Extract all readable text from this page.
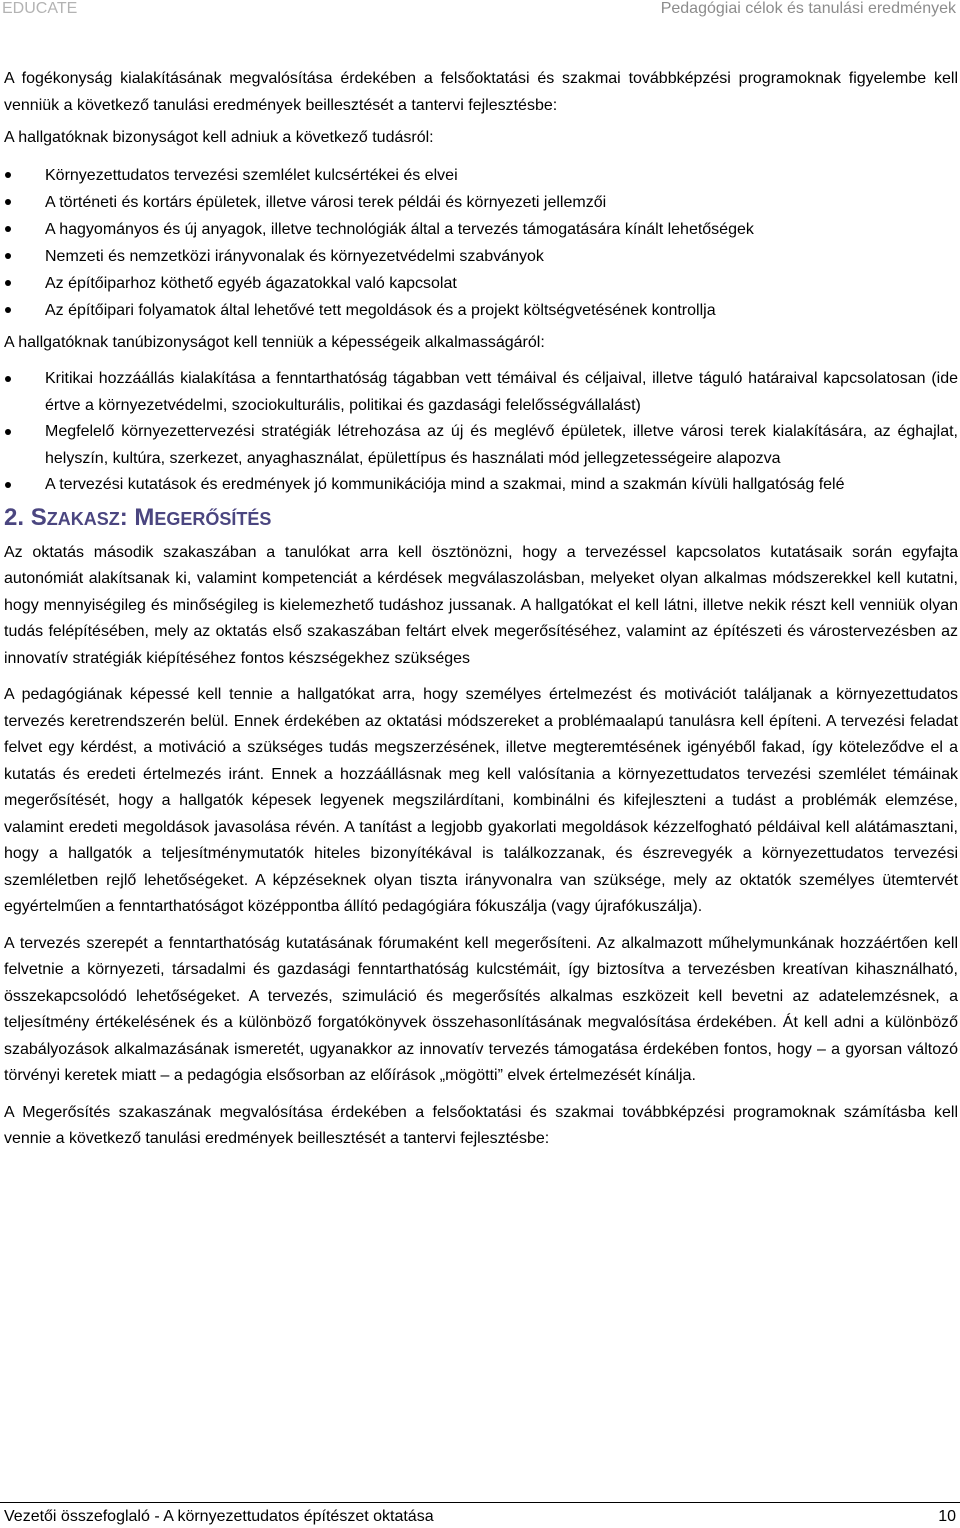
EDUCATE	Pedagógiai célok és tanulási eredmények

A fogékonyság kialakításának megvalósítása érdekében a felsőoktatási és szakmai továbbképzési programoknak figyelembe kell venniük a következő tanulási eredmények beillesztését a tantervi fejlesztésbe:

A hallgatóknak bizonyságot kell adniuk a következő tudásról:

Környezettudatos tervezési szemlélet kulcsértékei és elvei
A történeti és kortárs épületek, illetve városi terek példái és környezeti jellemzői
A hagyományos és új anyagok, illetve technológiák által a tervezés támogatására kínált lehetőségek
Nemzeti és nemzetközi irányvonalak és környezetvédelmi szabványok
Az építőiparhoz köthető egyéb ágazatokkal való kapcsolat
Az építőipari folyamatok által lehetővé tett megoldások és a projekt költségvetésének kontrollja

A hallgatóknak tanúbizonyságot kell tenniük a képességeik alkalmasságáról:

Kritikai hozzáállás kialakítása a fenntarthatóság tágabban vett témáival és céljaival, illetve táguló határaival kapcsolatosan (ide értve a környezetvédelmi, szociokulturális, politikai és gazdasági felelősségvállalást)
Megfelelő környezettervezési stratégiák létrehozása az új és meglévő épületek, illetve városi terek kialakítására, az éghajlat, helyszín, kultúra, szerkezet, anyaghasználat, épülettípus és használati mód jellegzetességeire alapozva
A tervezési kutatások és eredmények jó kommunikációja mind a szakmai, mind a szakmán kívüli hallgatóság felé
2. SZAKASZ: MEGERŐSÍTÉS

Az oktatás második szakaszában a tanulókat arra kell ösztönözni, hogy a tervezéssel kapcsolatos kutatásaik során egyfajta autonómiát alakítsanak ki, valamint kompetenciát a kérdések megválaszolásban, melyeket olyan alkalmas módszerekkel kell kutatni, hogy mennyiségileg és minőségileg is kielemezhető tudáshoz jussanak. A hallgatókat el kell látni, illetve nekik részt kell venniük olyan tudás felépítésében, mely az oktatás első szakaszában feltárt elvek megerősítéséhez, valamint az építészeti és várostervezésben az innovatív stratégiák kiépítéséhez fontos készségekhez szükséges

A pedagógiának képessé kell tennie a hallgatókat arra, hogy személyes értelmezést és motivációt találjanak a környezettudatos tervezés keretrendszerén belül. Ennek érdekében az oktatási módszereket a problémaalapú tanulásra kell építeni. A tervezési feladat felvet egy kérdést, a motiváció a szükséges tudás megszerzésének, illetve megteremtésének igényéből fakad, így köteleződve el a kutatás és eredeti értelmezés iránt. Ennek a hozzáállásnak meg kell valósítania a környezettudatos tervezési szemlélet témáinak megerősítését, hogy a hallgatók képesek legyenek megszilárdítani, kombinálni és kifejleszteni a tudást a problémák elemzése, valamint eredeti megoldások javasolása révén. A tanítást a legjobb gyakorlati megoldások kézzelfogható példáival kell alátámasztani, hogy a hallgatók a teljesítménymutatók hiteles bizonyítékával is találkozzanak, és észrevegyék a környezettudatos tervezési szemléletben rejlő lehetőségeket. A képzéseknek olyan tiszta irányvonalra van szüksége, mely az oktatók személyes ütemtervét egyértelműen a fenntarthatóságot középpontba állító pedagógiára fókuszálja (vagy újrafókuszálja).

A tervezés szerepét a fenntarthatóság kutatásának fórumaként kell megerősíteni. Az alkalmazott műhelymunkának hozzáértően kell felvetnie a környezeti, társadalmi és gazdasági fenntarthatóság kulcstémáit, így biztosítva a tervezésben kreatívan kihasználható, összekapcsolódó lehetőségeket. A tervezés, szimuláció és megerősítés alkalmas eszközeit kell bevetni az adatelemzésnek, a teljesítmény értékelésének és a különböző forgatókönyvek összehasonlításának megvalósítása érdekében. Át kell adni a különböző szabályozások alkalmazásának ismeretét, ugyanakkor az innovatív tervezés támogatása érdekében fontos, hogy – a gyorsan változó törvényi keretek miatt – a pedagógia elsősorban az előírások „mögötti” elvek értelmezését kínálja.

A Megerősítés szakaszának megvalósítása érdekében a felsőoktatási és szakmai továbbképzési programoknak számításba kell vennie a következő tanulási eredmények beillesztését a tantervi fejlesztésbe:

Vezetői összefoglaló - A környezettudatos építészet oktatása	10
